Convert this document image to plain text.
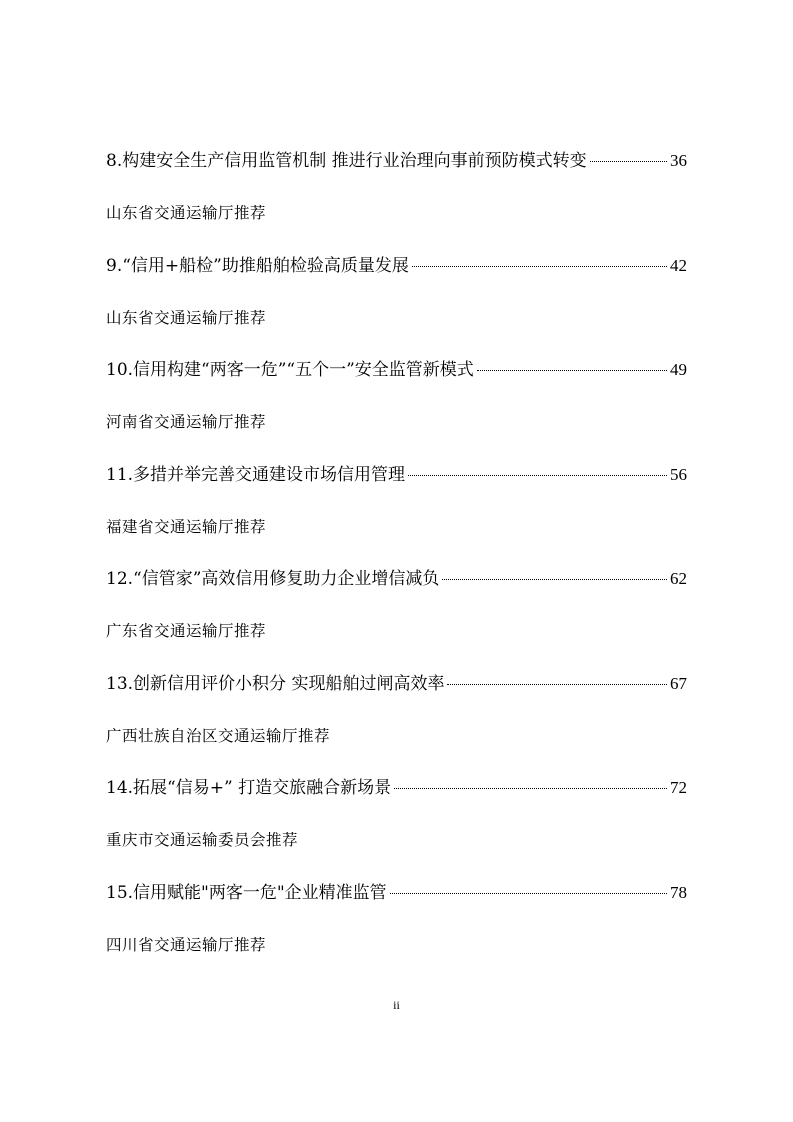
8.构建安全生产信用监管机制 推进行业治理向事前预防模式转变	36
山东省交通运输厅推荐
9.“信用+船检”助推船舶检验高质量发展	42
山东省交通运输厅推荐
10.信用构建“两客一危”“五个一”安全监管新模式	49
河南省交通运输厅推荐
11.多措并举完善交通建设市场信用管理	56
福建省交通运输厅推荐
12.“信管家”高效信用修复助力企业增信减负	62
广东省交通运输厅推荐
13.创新信用评价小积分 实现船舶过闸高效率	67
广西壮族自治区交通运输厅推荐
14.拓展“信易+” 打造交旅融合新场景	72
重庆市交通运输委员会推荐
15.信用赋能"两客一危"企业精准监管	78
四川省交通运输厅推荐
ii
